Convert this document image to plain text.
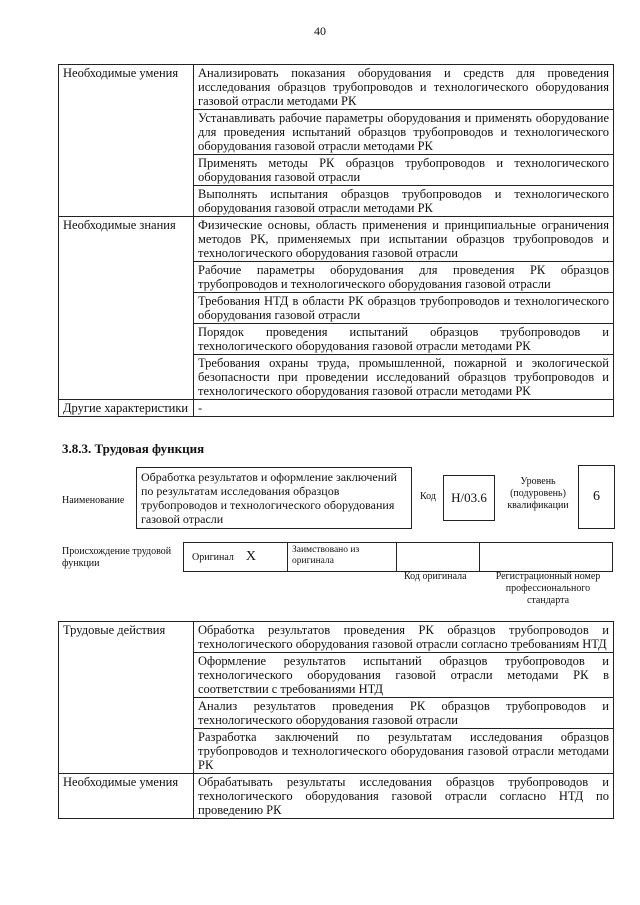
40
Необходимые умения	Анализировать показания оборудования и средств для проведения исследования образцов трубопроводов и технологического оборудования газовой отрасли методами РК
	Устанавливать рабочие параметры оборудования и применять оборудование для проведения испытаний образцов трубопроводов и технологического оборудования газовой отрасли методами РК
	Применять методы РК образцов трубопроводов и технологического оборудования газовой отрасли
	Выполнять испытания образцов трубопроводов и технологического оборудования газовой отрасли методами РК
Необходимые знания	Физические основы, область применения и принципиальные ограничения методов РК, применяемых при испытании образцов трубопроводов и технологического оборудования газовой отрасли
	Рабочие параметры оборудования для проведения РК образцов трубопроводов и технологического оборудования газовой отрасли
	Требования НТД в области РК образцов трубопроводов и технологического оборудования газовой отрасли
	Порядок проведения испытаний образцов трубопроводов и технологического оборудования газовой отрасли методами РК
	Требования охраны труда, промышленной, пожарной и экологической безопасности при проведении исследований образцов трубопроводов и технологического оборудования газовой отрасли методами РК
Другие характеристики	-
3.8.3. Трудовая функция
Наименование
Обработка результатов и оформление заключений по результатам исследования образцов трубопроводов и технологического оборудования газовой отрасли
Код H/03.6
Уровень (подуровень) квалификации
6
Происхождение трудовой функции
Оригинал X	Заимствовано из оригинала
Код оригинала	Регистрационный номер профессионального стандарта
Трудовые действия	Обработка результатов проведения РК образцов трубопроводов и технологического оборудования газовой отрасли согласно требованиям НТД
	Оформление результатов испытаний образцов трубопроводов и технологического оборудования газовой отрасли методами РК в соответствии с требованиями НТД
	Анализ результатов проведения РК образцов трубопроводов и технологического оборудования газовой отрасли
	Разработка заключений по результатам исследования образцов трубопроводов и технологического оборудования газовой отрасли методами РК
Необходимые умения	Обрабатывать результаты исследования образцов трубопроводов и технологического оборудования газовой отрасли согласно НТД по проведению РК
